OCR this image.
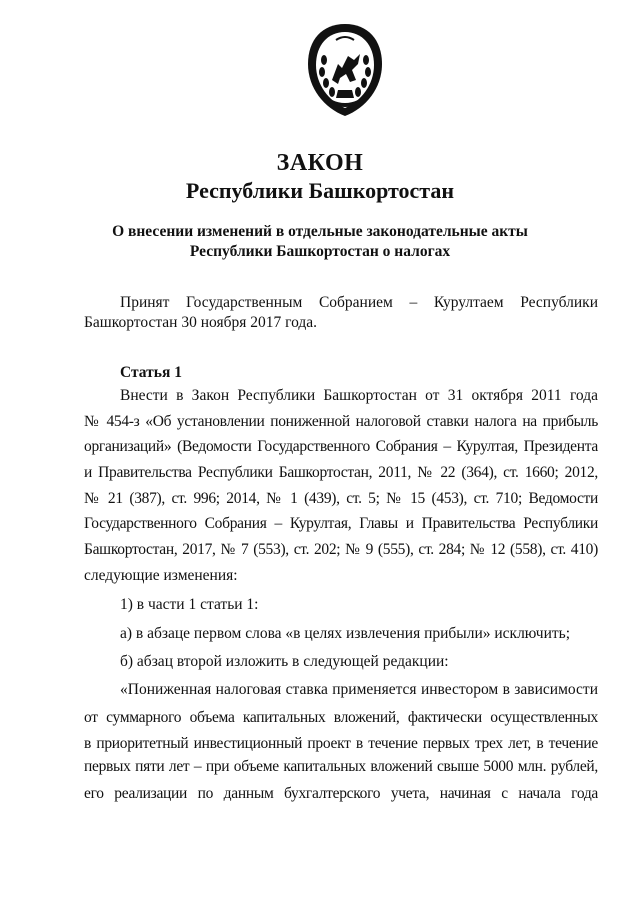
ЗАКОН
Республики Башкортостан
О внесении изменений в отдельные законодательные акты
Республики Башкортостан о налогах
Принят Государственным Собранием – Курултаем Республики
Башкортостан 30 ноября 2017 года.
Статья 1
Внести в Закон Республики Башкортостан от 31 октября 2011 года
№ 454-з «Об установлении пониженной налоговой ставки налога на прибыль
организаций» (Ведомости Государственного Собрания – Курултая, Президента
и Правительства Республики Башкортостан, 2011, № 22 (364), ст. 1660; 2012,
№ 21 (387), ст. 996; 2014, № 1 (439), ст. 5; № 15 (453), ст. 710; Ведомости
Государственного Собрания – Курултая, Главы и Правительства Республики
Башкортостан, 2017, № 7 (553), ст. 202; № 9 (555), ст. 284; № 12 (558), ст. 410)
следующие изменения:
1) в части 1 статьи 1:
а) в абзаце первом слова «в целях извлечения прибыли» исключить;
б) абзац второй изложить в следующей редакции:
«Пониженная налоговая ставка применяется инвестором в зависимости
от суммарного объема капитальных вложений, фактически осуществленных
в приоритетный инвестиционный проект в течение первых трех лет, в течение
первых пяти лет – при объеме капитальных вложений свыше 5000 млн. рублей,
его реализации по данным бухгалтерского учета, начиная с начала года
